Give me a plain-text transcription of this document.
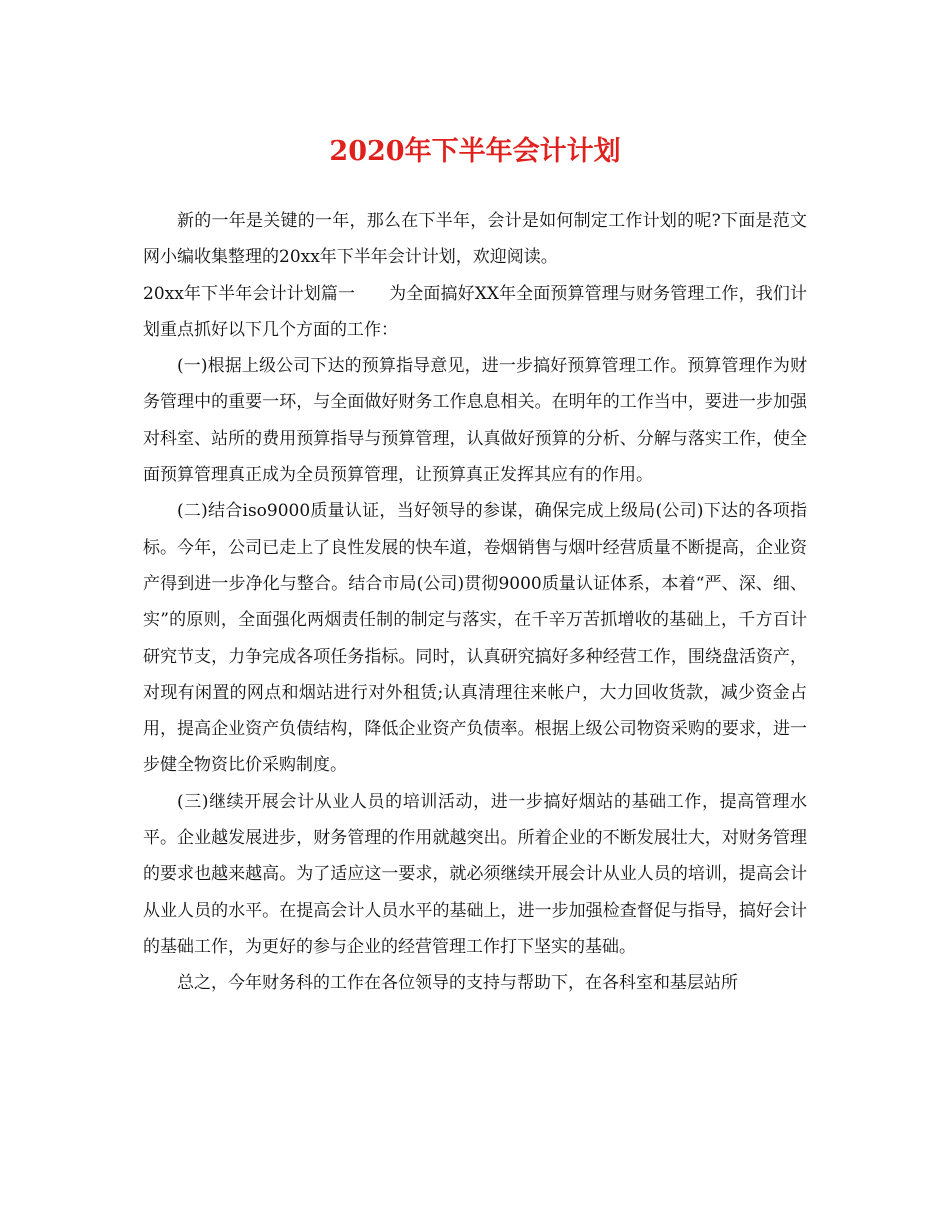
2020年下半年会计计划

新的一年是关键的一年，那么在下半年，会计是如何制定工作计划的呢?下面是范文网小编收集整理的20xx年下半年会计计划，欢迎阅读。

20xx年下半年会计计划篇一 为全面搞好XX年全面预算管理与财务管理工作，我们计划重点抓好以下几个方面的工作：

(一)根据上级公司下达的预算指导意见，进一步搞好预算管理工作。预算管理作为财务管理中的重要一环，与全面做好财务工作息息相关。在明年的工作当中，要进一步加强对科室、站所的费用预算指导与预算管理，认真做好预算的分析、分解与落实工作，使全面预算管理真正成为全员预算管理，让预算真正发挥其应有的作用。

(二)结合iso9000质量认证，当好领导的参谋，确保完成上级局(公司)下达的各项指标。今年，公司已走上了良性发展的快车道，卷烟销售与烟叶经营质量不断提高，企业资产得到进一步净化与整合。结合市局(公司)贯彻9000质量认证体系，本着“严、深、细、实”的原则，全面强化两烟责任制的制定与落实，在千辛万苦抓增收的基础上，千方百计研究节支，力争完成各项任务指标。同时，认真研究搞好多种经营工作，围绕盘活资产，对现有闲置的网点和烟站进行对外租赁;认真清理往来帐户，大力回收货款，减少资金占用，提高企业资产负债结构，降低企业资产负债率。根据上级公司物资采购的要求，进一步健全物资比价采购制度。

(三)继续开展会计从业人员的培训活动，进一步搞好烟站的基础工作，提高管理水平。企业越发展进步，财务管理的作用就越突出。所着企业的不断发展壮大，对财务管理的要求也越来越高。为了适应这一要求，就必须继续开展会计从业人员的培训，提高会计从业人员的水平。在提高会计人员水平的基础上，进一步加强检查督促与指导，搞好会计的基础工作，为更好的参与企业的经营管理工作打下坚实的基础。

总之，今年财务科的工作在各位领导的支持与帮助下，在各科室和基层站所
